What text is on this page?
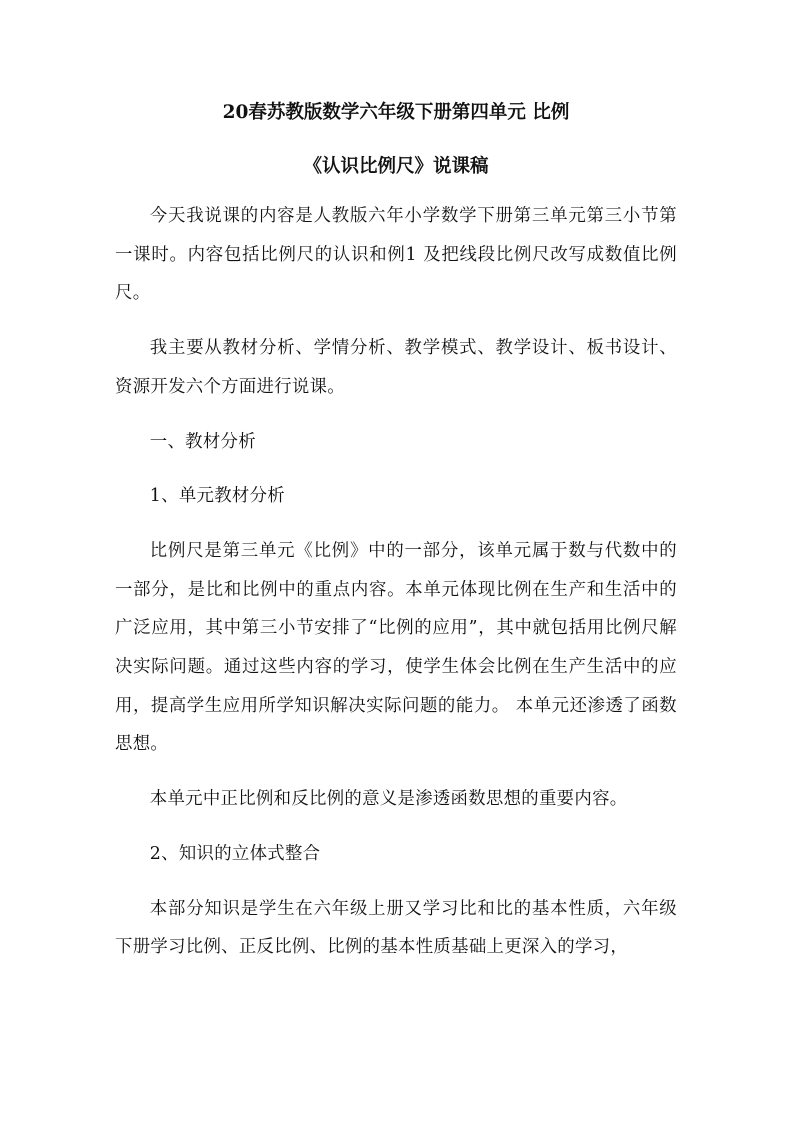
20春苏教版数学六年级下册第四单元 比例
《认识比例尺》说课稿

今天我说课的内容是人教版六年小学数学下册第三单元第三小节第一课时。内容包括比例尺的认识和例1 及把线段比例尺改写成数值比例尺。

我主要从教材分析、学情分析、教学模式、教学设计、板书设计、资源开发六个方面进行说课。

一、教材分析

1、单元教材分析

比例尺是第三单元《比例》中的一部分，该单元属于数与代数中的一部分，是比和比例中的重点内容。本单元体现比例在生产和生活中的广泛应用，其中第三小节安排了“比例的应用”，其中就包括用比例尺解决实际问题。通过这些内容的学习，使学生体会比例在生产生活中的应用，提高学生应用所学知识解决实际问题的能力。 本单元还渗透了函数思想。

本单元中正比例和反比例的意义是渗透函数思想的重要内容。

2、知识的立体式整合

本部分知识是学生在六年级上册又学习比和比的基本性质，六年级下册学习比例、正反比例、比例的基本性质基础上更深入的学习，
